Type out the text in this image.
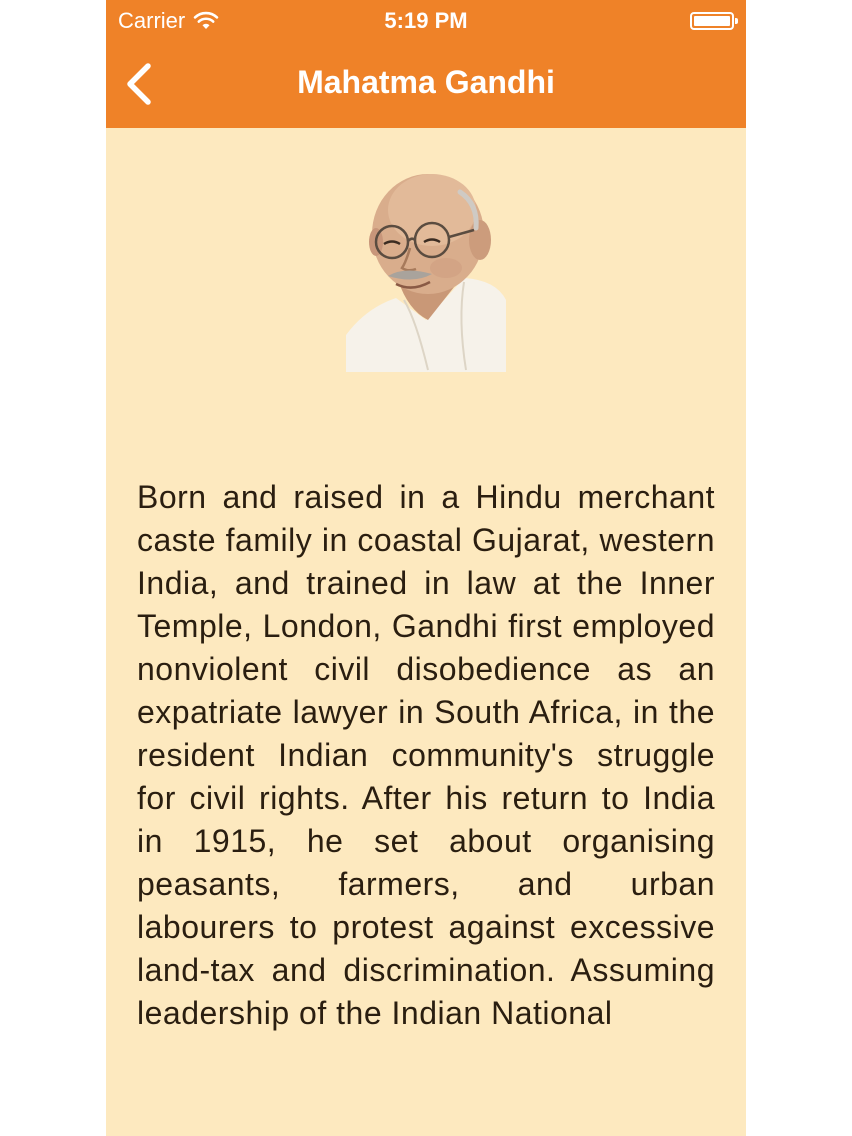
Carrier	5:19 PM
Mahatma Gandhi

Born and raised in a Hindu merchant caste family in coastal Gujarat, western India, and trained in law at the Inner Temple, London, Gandhi first employed nonviolent civil disobedience as an expatriate lawyer in South Africa, in the resident Indian community's struggle for civil rights. After his return to India in 1915, he set about organising peasants, farmers, and urban labourers to protest against excessive land-tax and discrimination. Assuming leadership of the Indian National
